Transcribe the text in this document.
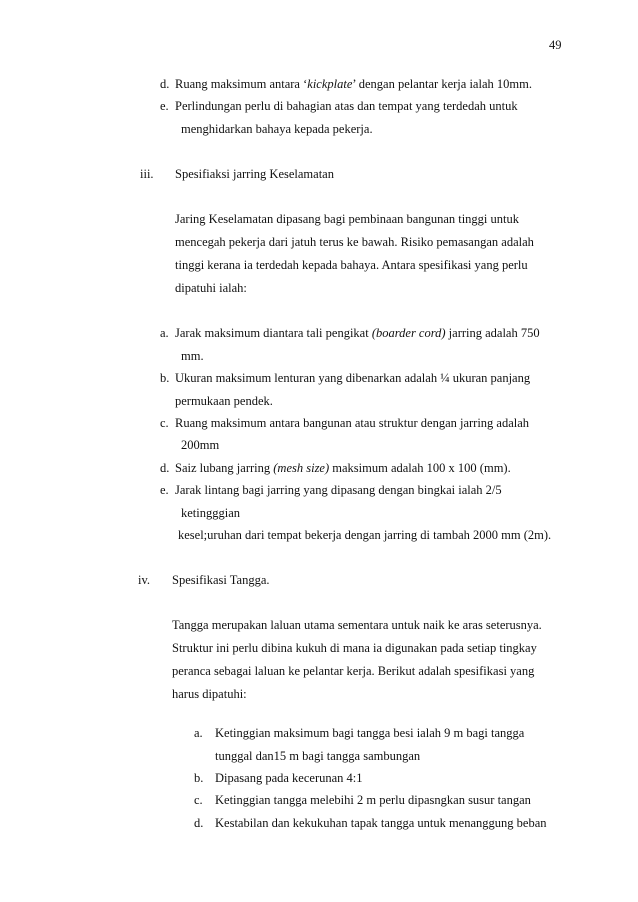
49
d. Ruang maksimum antara ‘kickplate’ dengan pelantar kerja ialah 10mm.
e. Perlindungan perlu di bahagian atas dan tempat yang terdedah untuk
menghidarkan bahaya kepada pekerja.
iii. Spesifiaksi jarring Keselamatan
Jaring Keselamatan dipasang bagi pembinaan bangunan tinggi untuk
mencegah pekerja dari jatuh terus ke bawah. Risiko pemasangan adalah
tinggi kerana ia terdedah kepada bahaya. Antara spesifikasi yang perlu
dipatuhi ialah:
a. Jarak maksimum diantara tali pengikat (boarder cord) jarring adalah 750
mm.
b. Ukuran maksimum lenturan yang dibenarkan adalah ¼ ukuran panjang
permukaan pendek.
c. Ruang maksimum antara bangunan atau struktur dengan jarring adalah
200mm
d. Saiz lubang jarring (mesh size) maksimum adalah 100 x 100 (mm).
e. Jarak lintang bagi jarring yang dipasang dengan bingkai ialah 2/5
ketingggian
kesel;uruhan dari tempat bekerja dengan jarring di tambah 2000 mm (2m).
iv. Spesifikasi Tangga.
Tangga merupakan laluan utama sementara untuk naik ke aras seterusnya.
Struktur ini perlu dibina kukuh di mana ia digunakan pada setiap tingkay
peranca sebagai laluan ke pelantar kerja. Berikut adalah spesifikasi yang
harus dipatuhi:
a. Ketinggian maksimum bagi tangga besi ialah 9 m bagi tangga
tunggal dan15 m bagi tangga sambungan
b. Dipasang pada kecerunan 4:1
c. Ketinggian tangga melebihi 2 m perlu dipasngkan susur tangan
d. Kestabilan dan kekukuhan tapak tangga untuk menanggung beban
